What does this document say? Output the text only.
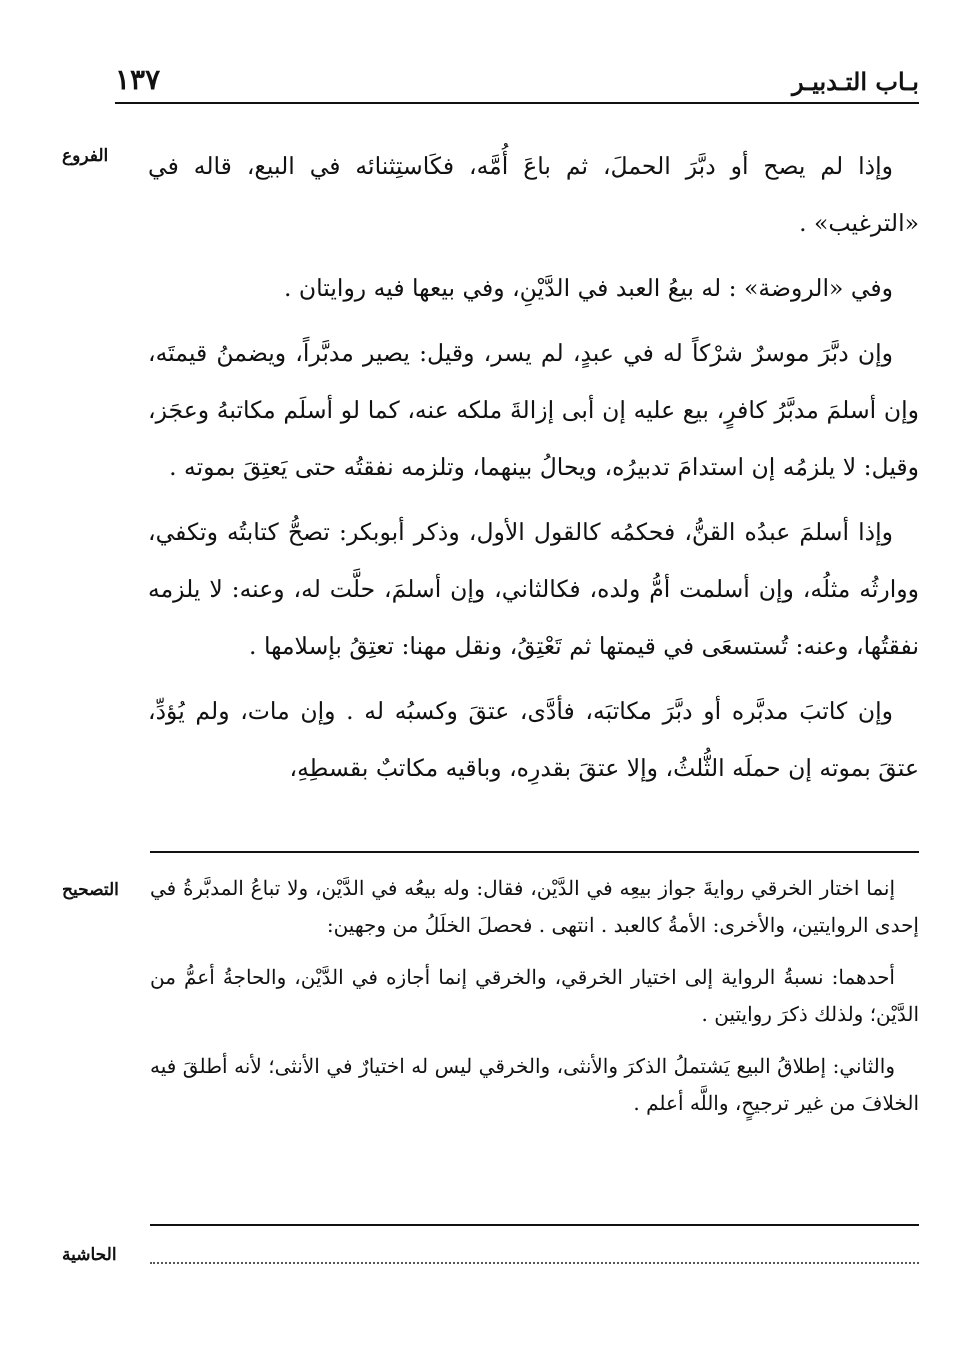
بـاب التـدبيـر
١٣٧
الفروع	وإذا لم يصح أو دبَّرَ الحملَ، ثم باعَ أُمَّه، فكَاستِثنائه في البيع، قاله في «الترغيب» .

وفي «الروضة» : له بيعُ العبد في الدَّيْنِ، وفي بيعها فيه روايتان .

وإن دبَّرَ موسرٌ شرْكاً له في عبدٍ، لم يسر، وقيل: يصير مدبَّراً، ويضمنُ قيمتَه، وإن أسلمَ مدبَّرُ كافرٍ، بيع عليه إن أبى إزالةَ ملكه عنه، كما لو أسلَم مكاتبهُ وعجَز، وقيل: لا يلزمُه إن استدامَ تدبيرُه، ويحالُ بينهما، وتلزمه نفقتُه حتى يَعتِقَ بموته .

وإذا أسلمَ عبدُه القنُّ، فحكمُه كالقول الأول، وذكر أبوبكر: تصحُّ كتابتُه وتكفي، ووارثُه مثلُه، وإن أسلمت أمُّ ولده، فكالثاني، وإن أسلمَ، حلَّت له، وعنه: لا يلزمه نفقتُها، وعنه: تُستسعَى في قيمتها ثم تَعْتِقُ، ونقل مهنا: تعتِقُ بإسلامها .

وإن كاتبَ مدبَّره أو دبَّرَ مكاتبَه، فأدَّى، عتقَ وكسبُه له . وإن مات، ولم يُؤدِّ، عتقَ بموته إن حملَه الثُّلثُ، وإلا عتقَ بقدرِه، وباقيه مكاتبٌ بقسطِهِ،

التصحيح	إنما اختار الخرقي روايةَ جواز بيعِه في الدَّيْن، فقال: وله بيعُه في الدَّيْن، ولا تباعُ المدبَّرةُ في إحدى الروايتين، والأخرى: الأمةُ كالعبد . انتهى . فحصلَ الخلَلُ من وجهين:

أحدهما: نسبةُ الرواية إلى اختيار الخرقي، والخرقي إنما أجازه في الدَّيْن، والحاجةُ أعمُّ من الدَّيْن؛ ولذلك ذكرَ روايتين .

والثاني: إطلاقُ البيع يَشتملُ الذكرَ والأنثى، والخرقي ليس له اختيارٌ في الأنثى؛ لأنه أطلقَ فيه الخلافَ من غير ترجيحٍ، واللَّه أعلم .

الحاشية
